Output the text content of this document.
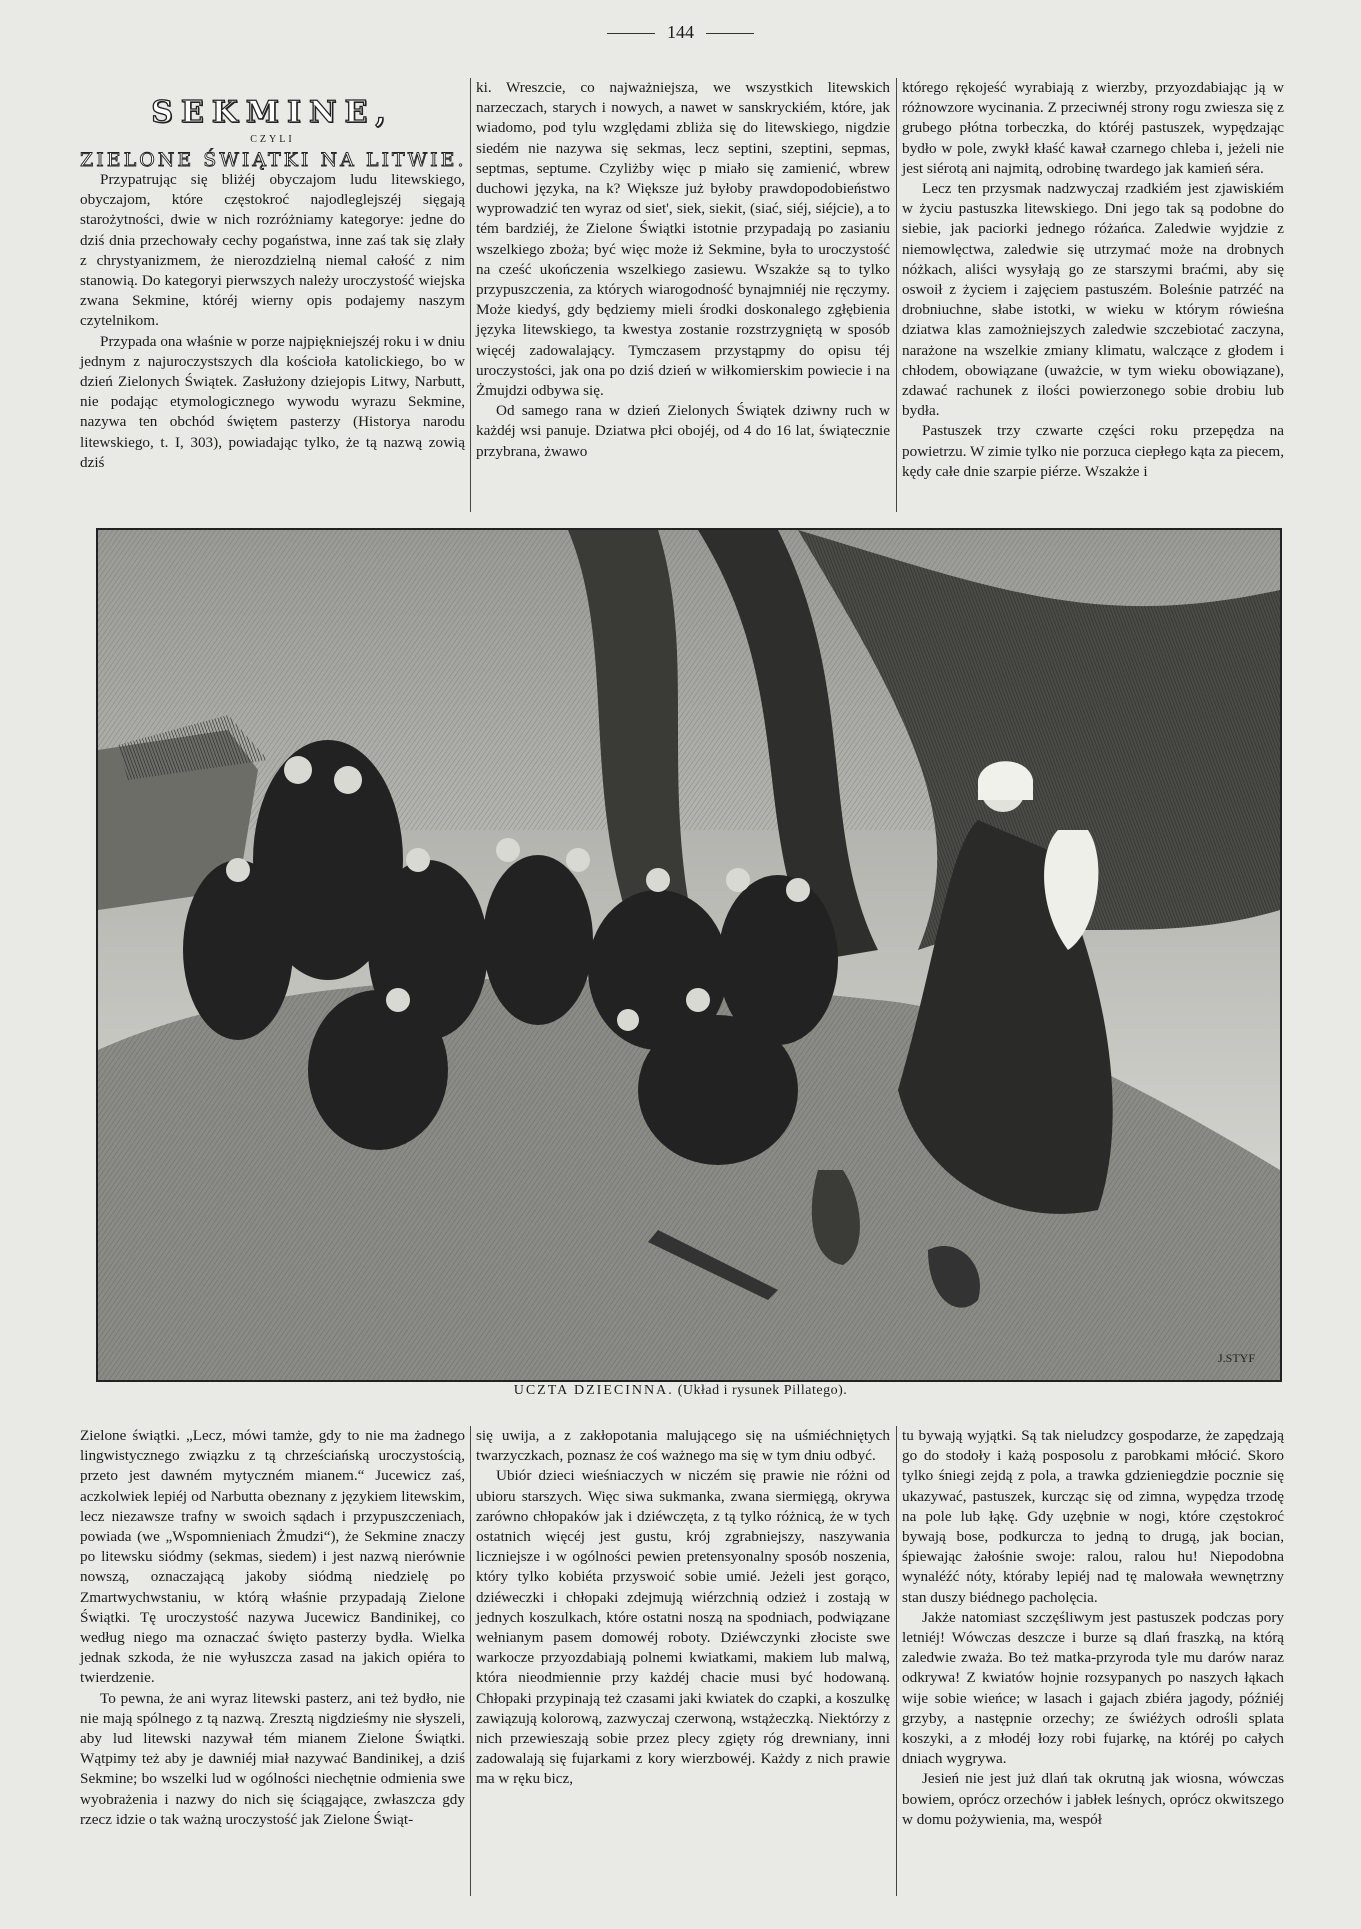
144
SEKMINE,
CZYLI
ZIELONE ŚWIĄTKI NA LITWIE.

Przypatrując się bliżéj obyczajom ludu litewskiego, obyczajom, które częstokroć najodleglejszéj sięgają starożytności, dwie w nich rozróżniamy kategorye: jedne do dziś dnia przechowały cechy pogaństwa, inne zaś tak się zlały z chrystyanizmem, że nierozdzielną niemal całość z nim stanowią. Do kategoryi pierwszych należy uroczystość wiejska zwana Sekmine, któréj wierny opis podajemy naszym czytelnikom.

Przypada ona właśnie w porze najpiękniejszéj roku i w dniu jednym z najuroczystszych dla kościoła katolickiego, bo w dzień Zielonych Świątek. Zasłużony dziejopis Litwy, Narbutt, nie podając etymologicznego wywodu wyrazu Sekmine, nazywa ten obchód świętem pasterzy (Historya narodu litewskiego, t. I, 303), powiadając tylko, że tą nazwą zowią dziś

ki. Wreszcie, co najważniejsza, we wszystkich litewskich narzeczach, starych i nowych, a nawet w sanskryckiém, które, jak wiadomo, pod tylu względami zbliża się do litewskiego, nigdzie siedém nie nazywa się sekmas, lecz septini, szeptini, sepmas, septmas, septume. Czyliżby więc p miało się zamienić, wbrew duchowi języka, na k? Większe już byłoby prawdopodobieństwo wyprowadzić ten wyraz od siet', siek, siekit, (siać, siéj, siéjcie), a to tém bardziéj, że Zielone Świątki istotnie przypadają po zasianiu wszelkiego zboża; być więc może iż Sekmine, była to uroczystość na cześć ukończenia wszelkiego zasiewu. Wszakże są to tylko przypuszczenia, za których wiarogodność bynajmniéj nie ręczymy. Może kiedyś, gdy będziemy mieli środki doskonalego zgłębienia języka litewskiego, ta kwestya zostanie rozstrzygniętą w sposób więcéj zadowalający. Tymczasem przystąpmy do opisu téj uroczystości, jak ona po dziś dzień w wiłkomierskim powiecie i na Żmujdzi odbywa się.

Od samego rana w dzień Zielonych Świątek dziwny ruch w każdéj wsi panuje. Dziatwa płci obojéj, od 4 do 16 lat, świątecznie przybrana, żwawo

którego rękojeść wyrabiają z wierzby, przyozdabiając ją w różnowzore wycinania. Z przeciwnéj strony rogu zwiesza się z grubego płótna torbeczka, do któréj pastuszek, wypędzając bydło w pole, zwykł kłaść kawał czarnego chleba i, jeżeli nie jest siérotą ani najmitą, odrobinę twardego jak kamień séra.

Lecz ten przysmak nadzwyczaj rzadkiém jest zjawiskiém w życiu pastuszka litewskiego. Dni jego tak są podobne do siebie, jak paciorki jednego różańca. Zaledwie wyjdzie z niemowlęctwa, zaledwie się utrzymać może na drobnych nóżkach, aliści wysyłają go ze starszymi braćmi, aby się oswoił z życiem i zajęciem pastuszém. Boleśnie patrzéć na drobniuchne, słabe istotki, w wieku w którym rówieśna dziatwa klas zamożniejszych zaledwie szczebiotać zaczyna, narażone na wszelkie zmiany klimatu, walczące z głodem i chłodem, obowiązane (uważcie, w tym wieku obowiązane), zdawać rachunek z ilości powierzonego sobie drobiu lub bydła.

Pastuszek trzy czwarte części roku przepędza na powietrzu. W zimie tylko nie porzuca ciepłego kąta za piecem, kędy całe dnie szarpie piérze. Wszakże i

J.STYF
UCZTA DZIECINNA. (Układ i rysunek Pillatego).

Zielone świątki. „Lecz, mówi tamże, gdy to nie ma żadnego lingwistycznego związku z tą chrześciańską uroczystością, przeto jest dawném mytyczném mianem.“ Jucewicz zaś, aczkolwiek lepiéj od Narbutta obeznany z językiem litewskim, lecz niezawsze trafny w swoich sądach i przypuszczeniach, powiada (we „Wspomnieniach Żmudzi“), że Sekmine znaczy po litewsku siódmy (sekmas, siedem) i jest nazwą nierównie nowszą, oznaczającą jakoby siódmą niedzielę po Zmartwychwstaniu, w którą właśnie przypadają Zielone Świątki. Tę uroczystość nazywa Jucewicz Bandinikej, co według niego ma oznaczać święto pasterzy bydła. Wielka jednak szkoda, że nie wyłuszcza zasad na jakich opiéra to twierdzenie.

To pewna, że ani wyraz litewski pasterz, ani też bydło, nie nie mają spólnego z tą nazwą. Zresztą nigdzieśmy nie słyszeli, aby lud litewski nazywał tém mianem Zielone Świątki. Wątpimy też aby je dawniéj miał nazywać Bandinikej, a dziś Sekmine; bo wszelki lud w ogólności niechętnie odmienia swe wyobrażenia i nazwy do nich się ściągające, zwłaszcza gdy rzecz idzie o tak ważną uroczystość jak Zielone Świąt-

się uwija, a z zakłopotania malującego się na uśmiéchniętych twarzyczkach, poznasz że coś ważnego ma się w tym dniu odbyć.

Ubiór dzieci wieśniaczych w niczém się prawie nie różni od ubioru starszych. Więc siwa sukmanka, zwana siermięgą, okrywa zarówno chłopaków jak i dziéwczęta, z tą tylko różnicą, że w tych ostatnich więcéj jest gustu, krój zgrabniejszy, naszywania liczniejsze i w ogólności pewien pretensyonalny sposób noszenia, który tylko kobiéta przyswoić sobie umié. Jeżeli jest gorąco, dziéweczki i chłopaki zdejmują wiérzchnią odzież i zostają w jednych koszulkach, które ostatni noszą na spodniach, podwiązane wełnianym pasem domowéj roboty. Dziéwczynki złociste swe warkocze przyozdabiają polnemi kwiatkami, makiem lub malwą, która nieodmiennie przy każdéj chacie musi być hodowaną. Chłopaki przypinają też czasami jaki kwiatek do czapki, a koszulkę zawiązują kolorową, zazwyczaj czerwoną, wstążeczką. Niektórzy z nich przewieszają sobie przez plecy zgięty róg drewniany, inni zadowalają się fujarkami z kory wierzbowéj. Każdy z nich prawie ma w ręku bicz,

tu bywają wyjątki. Są tak nieludzcy gospodarze, że zapędzają go do stodoły i każą posposolu z parobkami młócić. Skoro tylko śniegi zejdą z pola, a trawka gdzieniegdzie pocznie się ukazywać, pastuszek, kurcząc się od zimna, wypędza trzodę na pole lub łąkę. Gdy uzębnie w nogi, które częstokroć bywają bose, podkurcza to jedną to drugą, jak bocian, śpiewając żałośnie swoje: ralou, ralou hu! Niepodobna wynaléźć nóty, któraby lepiéj nad tę malowała wewnętrzny stan duszy biédnego pacholęcia.

Jakże natomiast szczęśliwym jest pastuszek podczas pory letniéj! Wówczas deszcze i burze są dlań fraszką, na którą zaledwie zważa. Bo też matka-przyroda tyle mu darów naraz odkrywa! Z kwiatów hojnie rozsypanych po naszych łąkach wije sobie wieńce; w lasach i gajach zbiéra jagody, późniéj grzyby, a następnie orzechy; ze świéżych odrośli splata koszyki, a z młodéj łozy robi fujarkę, na któréj po całych dniach wygrywa.

Jesień nie jest już dlań tak okrutną jak wiosna, wówczas bowiem, oprócz orzechów i jabłek leśnych, oprócz okwitszego w domu pożywienia, ma, wespół
